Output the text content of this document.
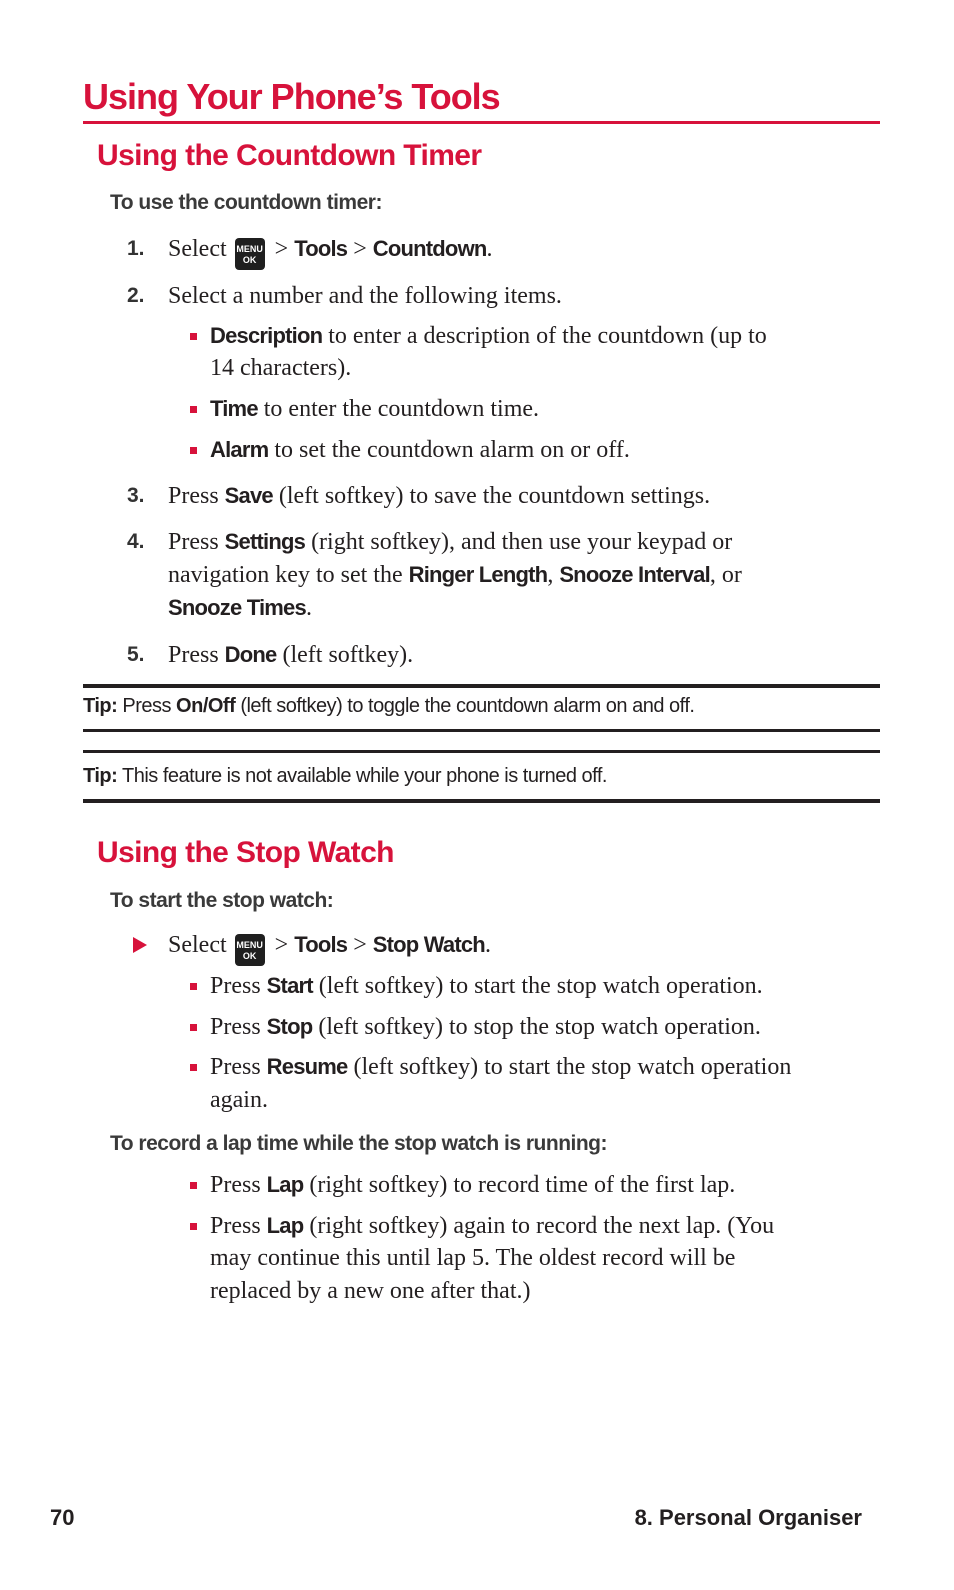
Using Your Phone’s Tools
Using the Countdown Timer
To use the countdown timer:
1. Select MENU
OK > Tools > Countdown.
2. Select a number and the following items.
Description to enter a description of the countdown (up to
14 characters).
Time to enter the countdown time.
Alarm to set the countdown alarm on or off.
3. Press Save (left softkey) to save the countdown settings.
4. Press Settings (right softkey), and then use your keypad or
navigation key to set the Ringer Length, Snooze Interval, or
Snooze Times.
5. Press Done (left softkey).
Tip: Press On/Off (left softkey) to toggle the countdown alarm on and off.
Tip: This feature is not available while your phone is turned off.
Using the Stop Watch
To start the stop watch:
Select MENU
OK > Tools > Stop Watch.
Press Start (left softkey) to start the stop watch operation.
Press Stop (left softkey) to stop the stop watch operation.
Press Resume (left softkey) to start the stop watch operation
again.
To record a lap time while the stop watch is running:
Press Lap (right softkey) to record time of the first lap.
Press Lap (right softkey) again to record the next lap. (You
may continue this until lap 5. The oldest record will be
replaced by a new one after that.)
70	8. Personal Organiser
